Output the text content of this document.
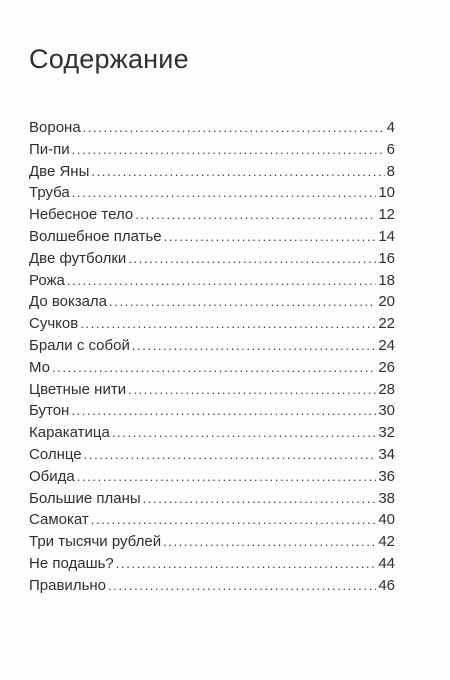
Содержание
Ворона .....	4
Пи-пи .....	6
Две Яны .....	8
Труба .....	10
Небесное тело .....	12
Волшебное платье .....	14
Две футболки .....	16
Рожа .....	18
До вокзала .....	20
Сучков .....	22
Брали с собой .....	24
Мо .....	26
Цветные нити .....	28
Бутон .....	30
Каракатица .....	32
Солнце .....	34
Обида .....	36
Большие планы .....	38
Самокат .....	40
Три тысячи рублей .....	42
Не подашь? .....	44
Правильно .....	46
